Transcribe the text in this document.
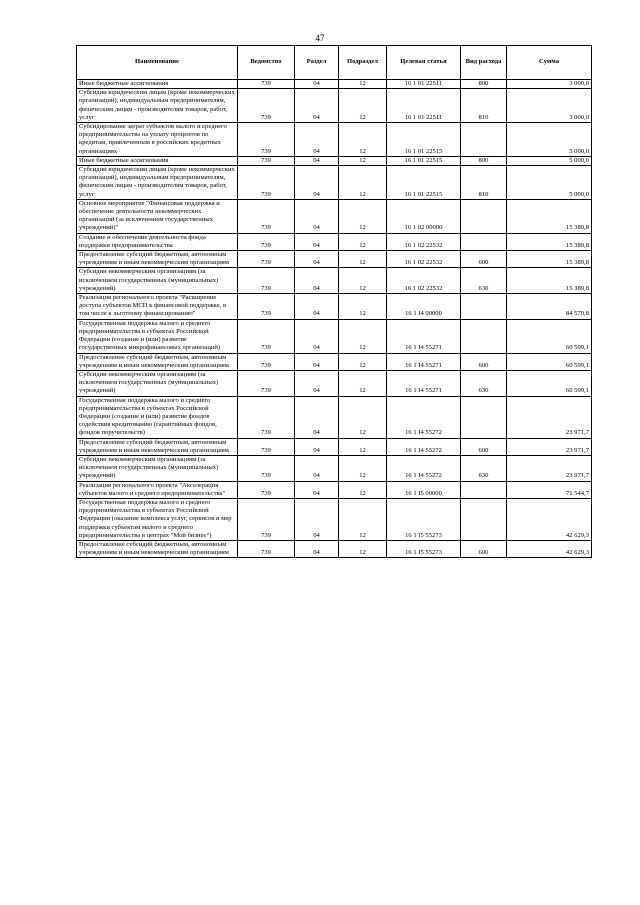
47
Наименование	Ведомство	Раздел	Подраздел	Целевая статья	Вид расхода	Сумма
Иные бюджетные ассигнования	739	04	12	16 1 01 22511	800	3 000,0
Субсидии юридическим лицам (кроме некоммерческих организаций), индивидуальным предпринимателям, физическим лицам - производителям товаров, работ, услуг	739	04	12	16 1 01 22511	810	3 000,0
Субсидирование затрат субъектов малого и среднего предпринимательства на уплату процентов по кредитам, привлеченным в российских кредитных организациях	739	04	12	16 1 01 22515		5 000,0
Иные бюджетные ассигнования	739	04	12	16 1 01 22515	800	5 000,0
Субсидии юридическим лицам (кроме некоммерческих организаций), индивидуальным предпринимателям, физическим лицам - производителям товаров, работ, услуг	739	04	12	16 1 01 22515	810	5 000,0
Основное мероприятие "Финансовая поддержка и обеспечение деятельности некоммерческих организаций (за исключением государственных учреждений)"	739	04	12	16 1 02 00000		15 389,8
Создание и обеспечение деятельности фонда поддержки предпринимательства	739	04	12	16 1 02 22532		15 389,8
Предоставление субсидий бюджетным, автономным учреждениям и иным некоммерческим организациям	739	04	12	16 1 02 22532	600	15 389,8
Субсидии некоммерческим организациям (за исключением государственных (муниципальных) учреждений)	739	04	12	16 1 02 22532	630	15 389,8
Реализация регионального проекта "Расширение доступа субъектов МСП к финансовой поддержке, в том числе к льготному финансированию"	739	04	12	16 1 I4 00000		84 570,8
Государственная поддержка малого и среднего предпринимательства в субъектах Российской Федерации (создание и (или) развитие государственных микрофинансовых организаций)	739	04	12	16 1 I4 55271		60 599,1
Предоставление субсидий бюджетным, автономным учреждениям и иным некоммерческим организациям	739	04	12	16 1 I4 55271	600	60 599,1
Субсидии некоммерческим организациям (за исключением государственных (муниципальных) учреждений)	739	04	12	16 1 I4 55271	630	60 599,1
Государственная поддержка малого и среднего предпринимательства в субъектах Российской Федерации (создание и (или) развитие фондов содействия кредитованию (гарантийных фондов, фондов поручительств)	739	04	12	16 1 I4 55272		23 971,7
Предоставление субсидий бюджетным, автономным учреждениям и иным некоммерческим организациям	739	04	12	16 1 I4 55272	600	23 971,7
Субсидии некоммерческим организациям (за исключением государственных (муниципальных) учреждений)	739	04	12	16 1 I4 55272	630	23 971,7
Реализация регионального проекта "Акселерация субъектов малого и среднего предпринимательства"	739	04	12	16 1 I5 00000		71 544,7
Государственная поддержка малого и среднего предпринимательства в субъектах Российской Федерации (оказание комплекса услуг, сервисов и мер поддержки субъектам малого и среднего предпринимательства в центрах "Мой бизнес")	739	04	12	16 1 I5 55273		42 629,3
Предоставление субсидий бюджетным, автономным учреждениям и иным некоммерческим организациям	739	04	12	16 1 I5 55273	600	42 629,3
